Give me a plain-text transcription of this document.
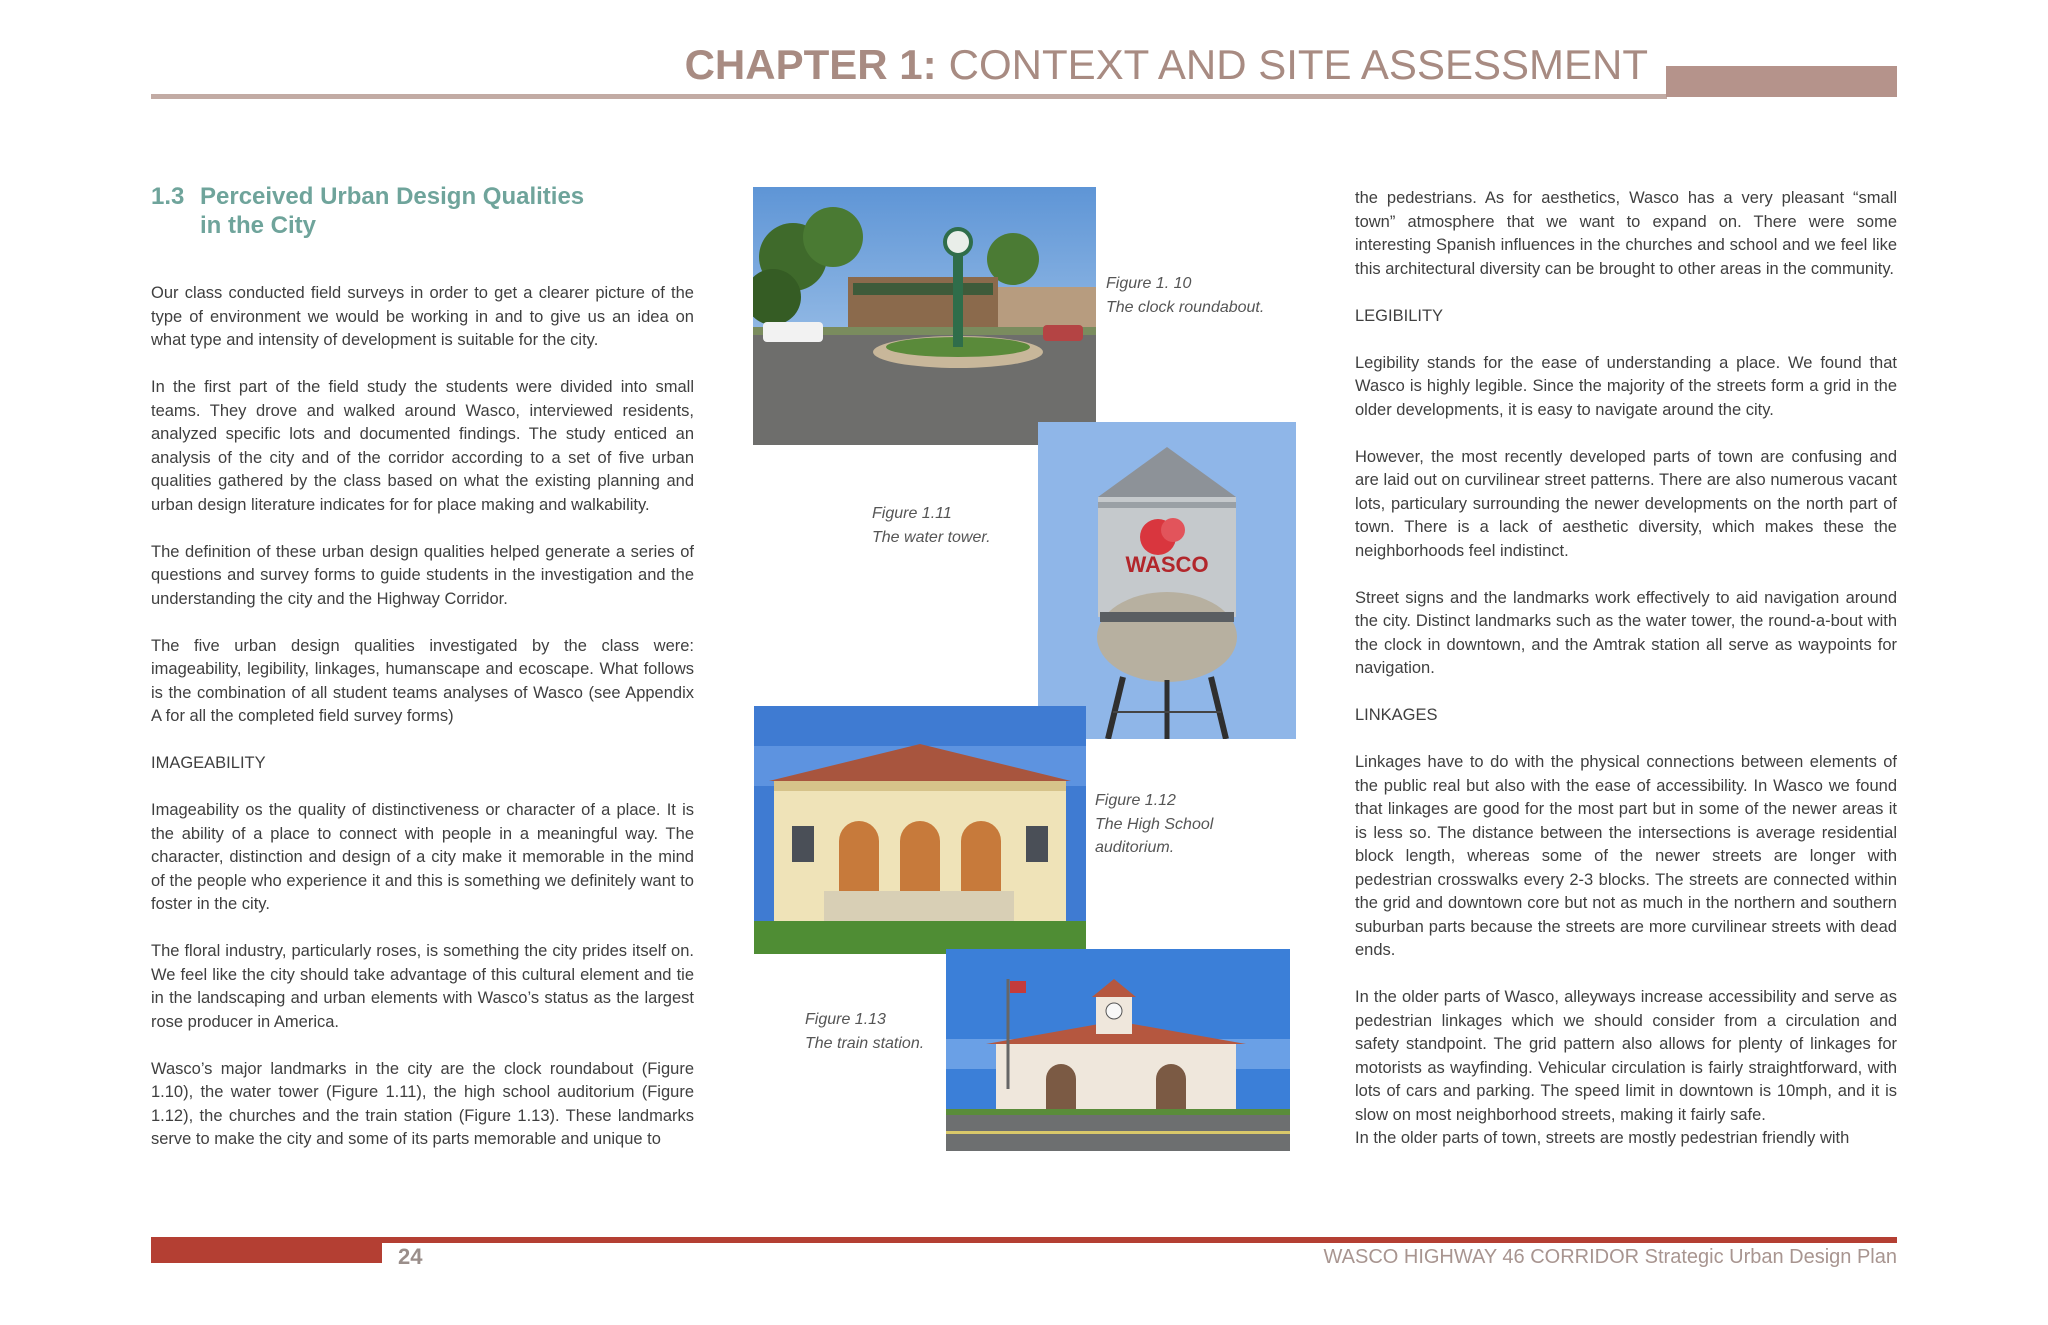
CHAPTER 1: CONTEXT AND SITE ASSESSMENT
1.3 Perceived Urban Design Qualities
in the City

Our class conducted field surveys in order to get a clearer picture of the type of environment we would be working in and to give us an idea on what type and intensity of development is suitable for the city.

In the first part of the field study the students were divided into small teams. They drove and walked around Wasco, interviewed residents, analyzed specific lots and documented findings. The study enticed an analysis of the city and of the corridor according to a set of five urban qualities gathered by the class based on what the existing planning and urban design literature indicates for for place making and walkability.

The definition of these urban design qualities helped generate a series of questions and survey forms to guide students in the investigation and the understanding the city and the Highway Corridor.

The five urban design qualities investigated by the class were: imageability, legibility, linkages, humanscape and ecoscape. What follows is the combination of all student teams analyses of Wasco (see Appendix A for all the completed field survey forms)

IMAGEABILITY

Imageability os the quality of distinctiveness or character of a place. It is the ability of a place to connect with people in a meaningful way. The character, distinction and design of a city make it memorable in the mind of the people who experience it and this is something we definitely want to foster in the city.

The floral industry, particularly roses, is something the city prides itself on. We feel like the city should take advantage of this cultural element and tie in the landscaping and urban elements with Wasco’s status as the largest rose producer in America.

Wasco’s major landmarks in the city are the clock roundabout (Figure 1.10), the water tower (Figure 1.11), the high school auditorium (Figure 1.12), the churches and the train station (Figure 1.13). These landmarks serve to make the city and some of its parts memorable and unique to

Figure 1. 10
The clock roundabout.
WASCO
Figure 1.11
The water tower.
Figure 1.12
The High School
auditorium.
Figure 1.13
The train station.

the pedestrians. As for aesthetics, Wasco has a very pleasant “small town” atmosphere that we want to expand on. There were some interesting Spanish influences in the churches and school and we feel like this architectural diversity can be brought to other areas in the community.

LEGIBILITY

Legibility stands for the ease of understanding a place. We found that Wasco is highly legible. Since the majority of the streets form a grid in the older developments, it is easy to navigate around the city.

However, the most recently developed parts of town are confusing and are laid out on curvilinear street patterns. There are also numerous vacant lots, particulary surrounding the newer developments on the north part of town. There is a lack of aesthetic diversity, which makes these the neighborhoods feel indistinct.

Street signs and the landmarks work effectively to aid navigation around the city. Distinct landmarks such as the water tower, the round-a-bout with the clock in downtown, and the Amtrak station all serve as waypoints for navigation.

LINKAGES

Linkages have to do with the physical connections between elements of the public real but also with the ease of accessibility. In Wasco we found that linkages are good for the most part but in some of the newer areas it is less so. The distance between the intersections is average residential block length, whereas some of the newer streets are longer with pedestrian crosswalks every 2-3 blocks. The streets are connected within the grid and downtown core but not as much in the northern and southern suburban parts because the streets are more curvilinear streets with dead ends.

In the older parts of Wasco, alleyways increase accessibility and serve as pedestrian linkages which we should consider from a circulation and safety standpoint. The grid pattern also allows for plenty of linkages for motorists as wayfinding. Vehicular circulation is fairly straightforward, with lots of cars and parking. The speed limit in downtown is 10mph, and it is slow on most neighborhood streets, making it fairly safe.

In the older parts of town, streets are mostly pedestrian friendly with

24	WASCO HIGHWAY 46 CORRIDOR Strategic Urban Design Plan
